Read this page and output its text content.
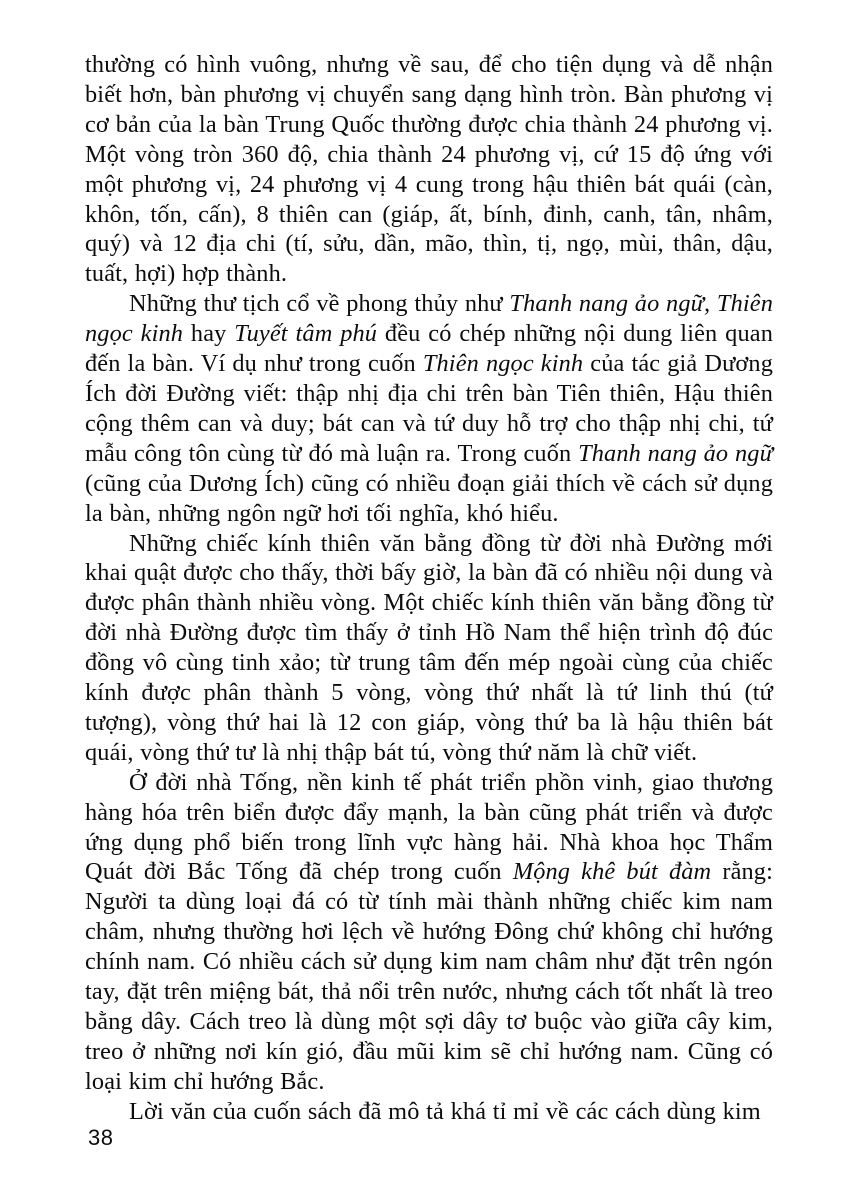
thường có hình vuông, nhưng về sau, để cho tiện dụng và dễ nhận biết hơn, bàn phương vị chuyển sang dạng hình tròn. Bàn phương vị cơ bản của la bàn Trung Quốc thường được chia thành 24 phương vị. Một vòng tròn 360 độ, chia thành 24 phương vị, cứ 15 độ ứng với một phương vị, 24 phương vị 4 cung trong hậu thiên bát quái (càn, khôn, tốn, cấn), 8 thiên can (giáp, ất, bính, đinh, canh, tân, nhâm, quý) và 12 địa chi (tí, sửu, dần, mão, thìn, tị, ngọ, mùi, thân, dậu, tuất, hợi) hợp thành.

Những thư tịch cổ về phong thủy như Thanh nang ảo ngữ, Thiên ngọc kinh hay Tuyết tâm phú đều có chép những nội dung liên quan đến la bàn. Ví dụ như trong cuốn Thiên ngọc kinh của tác giả Dương Ích đời Đường viết: thập nhị địa chi trên bàn Tiên thiên, Hậu thiên cộng thêm can và duy; bát can và tứ duy hỗ trợ cho thập nhị chi, tứ mẫu công tôn cùng từ đó mà luận ra. Trong cuốn Thanh nang ảo ngữ (cũng của Dương Ích) cũng có nhiều đoạn giải thích về cách sử dụng la bàn, những ngôn ngữ hơi tối nghĩa, khó hiểu.

Những chiếc kính thiên văn bằng đồng từ đời nhà Đường mới khai quật được cho thấy, thời bấy giờ, la bàn đã có nhiều nội dung và được phân thành nhiều vòng. Một chiếc kính thiên văn bằng đồng từ đời nhà Đường được tìm thấy ở tỉnh Hồ Nam thể hiện trình độ đúc đồng vô cùng tinh xảo; từ trung tâm đến mép ngoài cùng của chiếc kính được phân thành 5 vòng, vòng thứ nhất là tứ linh thú (tứ tượng), vòng thứ hai là 12 con giáp, vòng thứ ba là hậu thiên bát quái, vòng thứ tư là nhị thập bát tú, vòng thứ năm là chữ viết.

Ở đời nhà Tống, nền kinh tế phát triển phồn vinh, giao thương hàng hóa trên biển được đẩy mạnh, la bàn cũng phát triển và được ứng dụng phổ biến trong lĩnh vực hàng hải. Nhà khoa học Thẩm Quát đời Bắc Tống đã chép trong cuốn Mộng khê bút đàm rằng: Người ta dùng loại đá có từ tính mài thành những chiếc kim nam châm, nhưng thường hơi lệch về hướng Đông chứ không chỉ hướng chính nam. Có nhiều cách sử dụng kim nam châm như đặt trên ngón tay, đặt trên miệng bát, thả nổi trên nước, nhưng cách tốt nhất là treo bằng dây. Cách treo là dùng một sợi dây tơ buộc vào giữa cây kim, treo ở những nơi kín gió, đầu mũi kim sẽ chỉ hướng nam. Cũng có loại kim chỉ hướng Bắc.

Lời văn của cuốn sách đã mô tả khá tỉ mỉ về các cách dùng kim

38
